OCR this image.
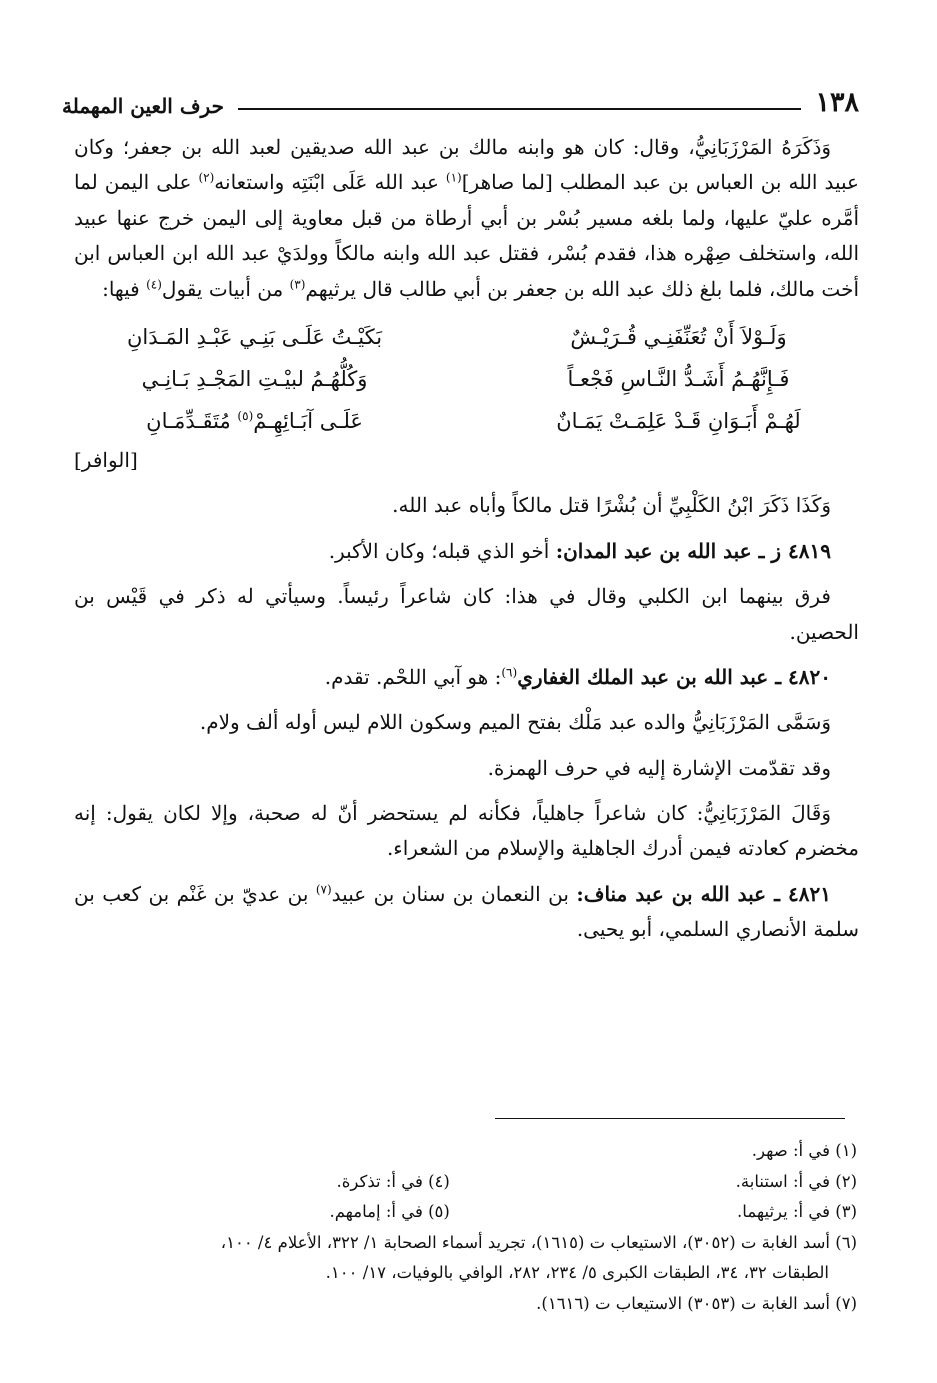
١٣٨
حرف العين المهملة

وَذَكَرَهُ المَرْزَبَانِيُّ، وقال: كان هو وابنه مالك بن عبد الله صديقين لعبد الله بن جعفر؛ وكان عبيد الله بن العباس بن عبد المطلب [لما صاهر]$^{(١)}$ عبد الله عَلَى ابْنَتِه واستعانه$^{(٢)}$ على اليمن لما أمَّره عليّ عليها، ولما بلغه مسير بُسْر بن أبي أرطاة من قبل معاوية إلى اليمن خرج عنها عبيد الله، واستخلف صِهْره هذا، فقدم بُسْر، فقتل عبد الله وابنه مالكاً وولدَيْ عبد الله ابن العباس ابن أخت مالك، فلما بلغ ذلك عبد الله بن جعفر بن أبي طالب قال يرثيهم$^{(٣)}$ من أبيات يقول$^{(٤)}$ فيها:

وَلَـوْلاَ أَنْ تُعَنِّفَنِـي قُـرَيْـشٌ
بَكَيْـتُ عَلَـى بَنِـي عَبْـدِ المَـدَانِ
فَـإِنَّهُـمُ أَشَـدُّ النَّـاسِ فَجْعـاً
وَكُلُّهُـمُ لبيْـتِ المَجْـدِ بَـانِـي
لَهُـمْ أَبَـوَانِ قَـدْ عَلِمَـتْ يَمَـانٌ
عَلَـى آبَـائِهِـمْ$^{(٥)}$ مُتَقَـدِّمَـانِ
[الوافر]

وَكَذَا ذَكَرَ ابْنُ الكَلْبِيِّ أن بُشْرًا قتل مالكاً وأباه عبد الله.

٤٨١٩ ز ـ عبد الله بن عبد المدان: أخو الذي قبله؛ وكان الأكبر.

فرق بينهما ابن الكلبي وقال في هذا: كان شاعراً رئيساً. وسيأتي له ذكر في قَيْس بن الحصين.

٤٨٢٠ ـ عبد الله بن عبد الملك الغفاري$^{(٦)}$: هو آبي اللحْم. تقدم.

وَسَمَّى المَرْزَبَانِيُّ والده عبد مَلْك بفتح الميم وسكون اللام ليس أوله ألف ولام.

وقد تقدّمت الإشارة إليه في حرف الهمزة.

وَقَالَ المَرْزَبَانِيُّ: كان شاعراً جاهلياً، فكأنه لم يستحضر أنّ له صحبة، وإلا لكان يقول: إنه مخضرم كعادته فيمن أدرك الجاهلية والإسلام من الشعراء.

٤٨٢١ ـ عبد الله بن عبد مناف: بن النعمان بن سنان بن عبيد$^{(٧)}$ بن عديّ بن غَنْم بن كعب بن سلمة الأنصاري السلمي، أبو يحيى.

(١) في أ: صهر.
(٢) في أ: استنابة.
(٤) في أ: تذكرة.
(٣) في أ: يرثيهما.
(٥) في أ: إمامهم.
(٦) أسد الغابة ت (٣٠٥٢)، الاستيعاب ت (١٦١٥)، تجريد أسماء الصحابة ١/ ٣٢٢، الأعلام ٤/ ١٠٠،
الطبقات ٣٢، ٣٤، الطبقات الكبرى ٥/ ٢٣٤، ٢٨٢، الوافي بالوفيات، ١٧/ ١٠٠.
(٧) أسد الغابة ت (٣٠٥٣) الاستيعاب ت (١٦١٦).
